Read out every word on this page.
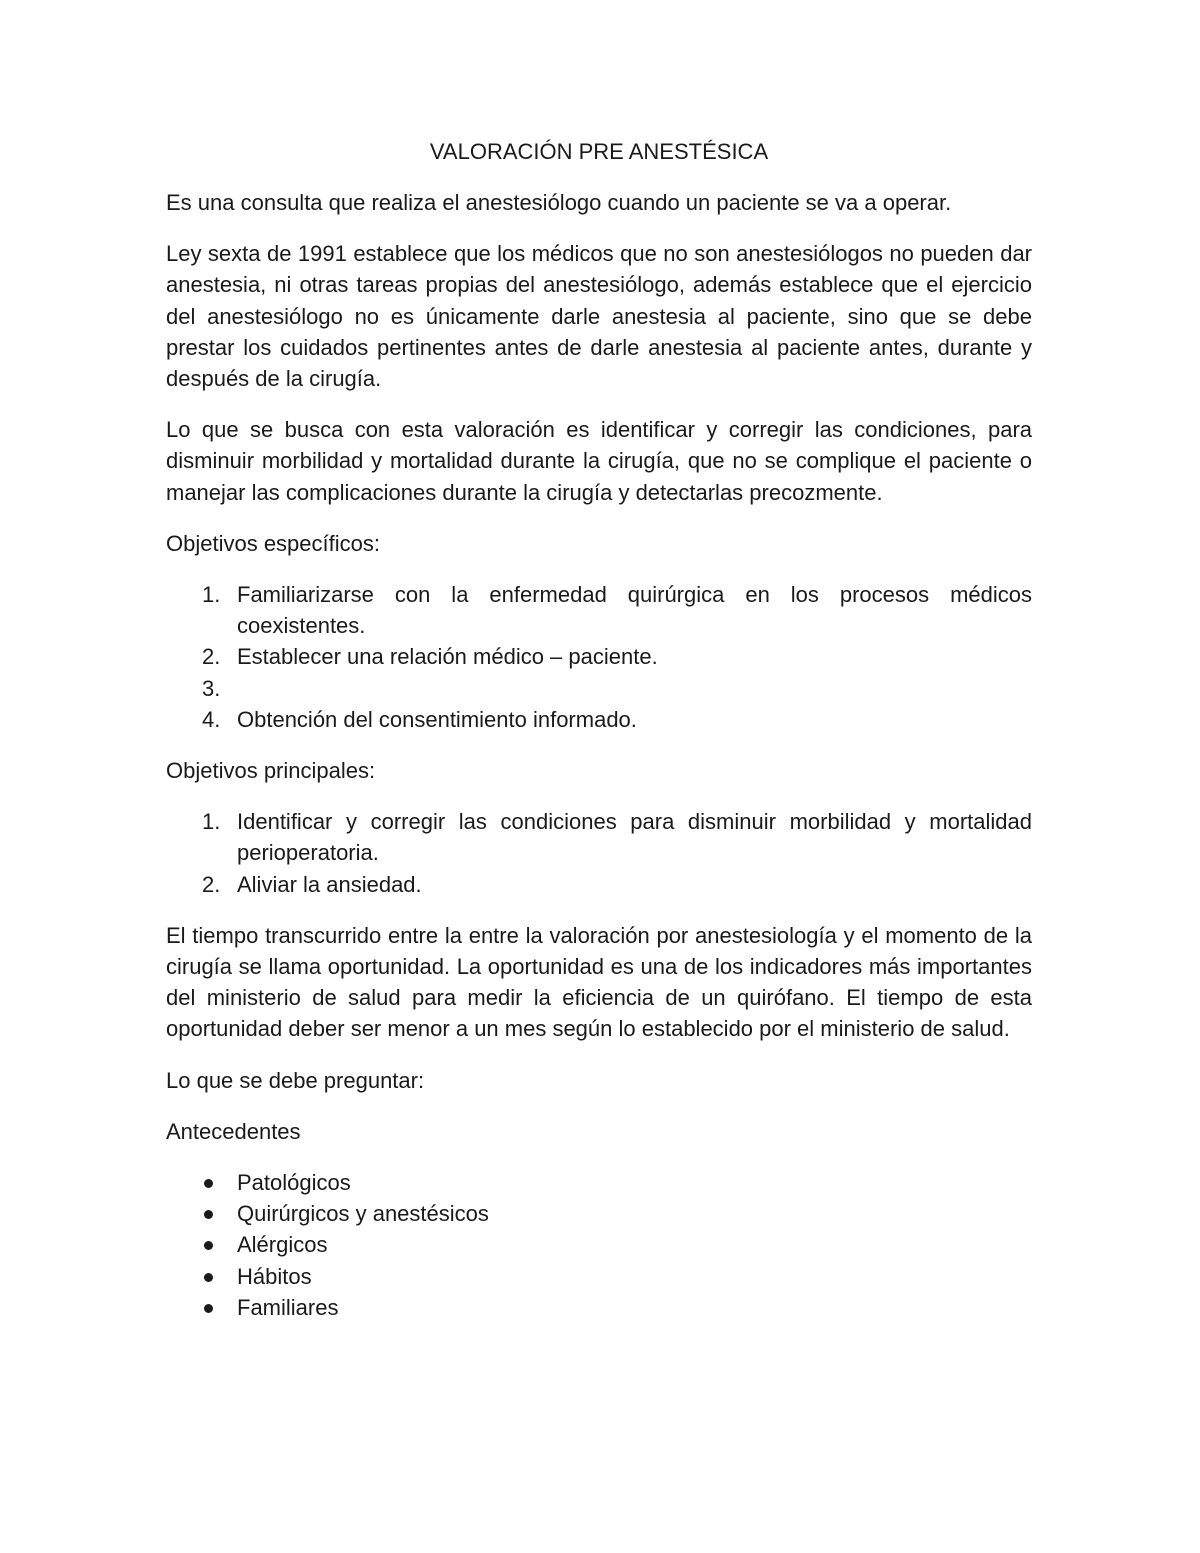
VALORACIÓN PRE ANESTÉSICA
Es una consulta que realiza el anestesiólogo cuando un paciente se va a operar.
Ley sexta de 1991 establece que los médicos que no son anestesiólogos no pueden dar anestesia, ni otras tareas propias del anestesiólogo, además establece que el ejercicio del anestesiólogo no es únicamente darle anestesia al paciente, sino que se debe prestar los cuidados pertinentes antes de darle anestesia al paciente antes, durante y después de la cirugía.
Lo que se busca con esta valoración es identificar y corregir las condiciones, para disminuir morbilidad y mortalidad durante la cirugía, que no se complique el paciente o manejar las complicaciones durante la cirugía y detectarlas precozmente.
Objetivos específicos:
1. Familiarizarse con la enfermedad quirúrgica en los procesos médicos coexistentes.
2. Establecer una relación médico – paciente.
3.

4. Obtención del consentimiento informado.
Objetivos principales:
1. Identificar y corregir las condiciones para disminuir morbilidad y mortalidad perioperatoria.
2. Aliviar la ansiedad.
El tiempo transcurrido entre la entre la valoración por anestesiología y el momento de la cirugía se llama oportunidad. La oportunidad es una de los indicadores más importantes del ministerio de salud para medir la eficiencia de un quirófano. El tiempo de esta oportunidad deber ser menor a un mes según lo establecido por el ministerio de salud.
Lo que se debe preguntar:
Antecedentes
Patológicos
Quirúrgicos y anestésicos
Alérgicos
Hábitos
Familiares
